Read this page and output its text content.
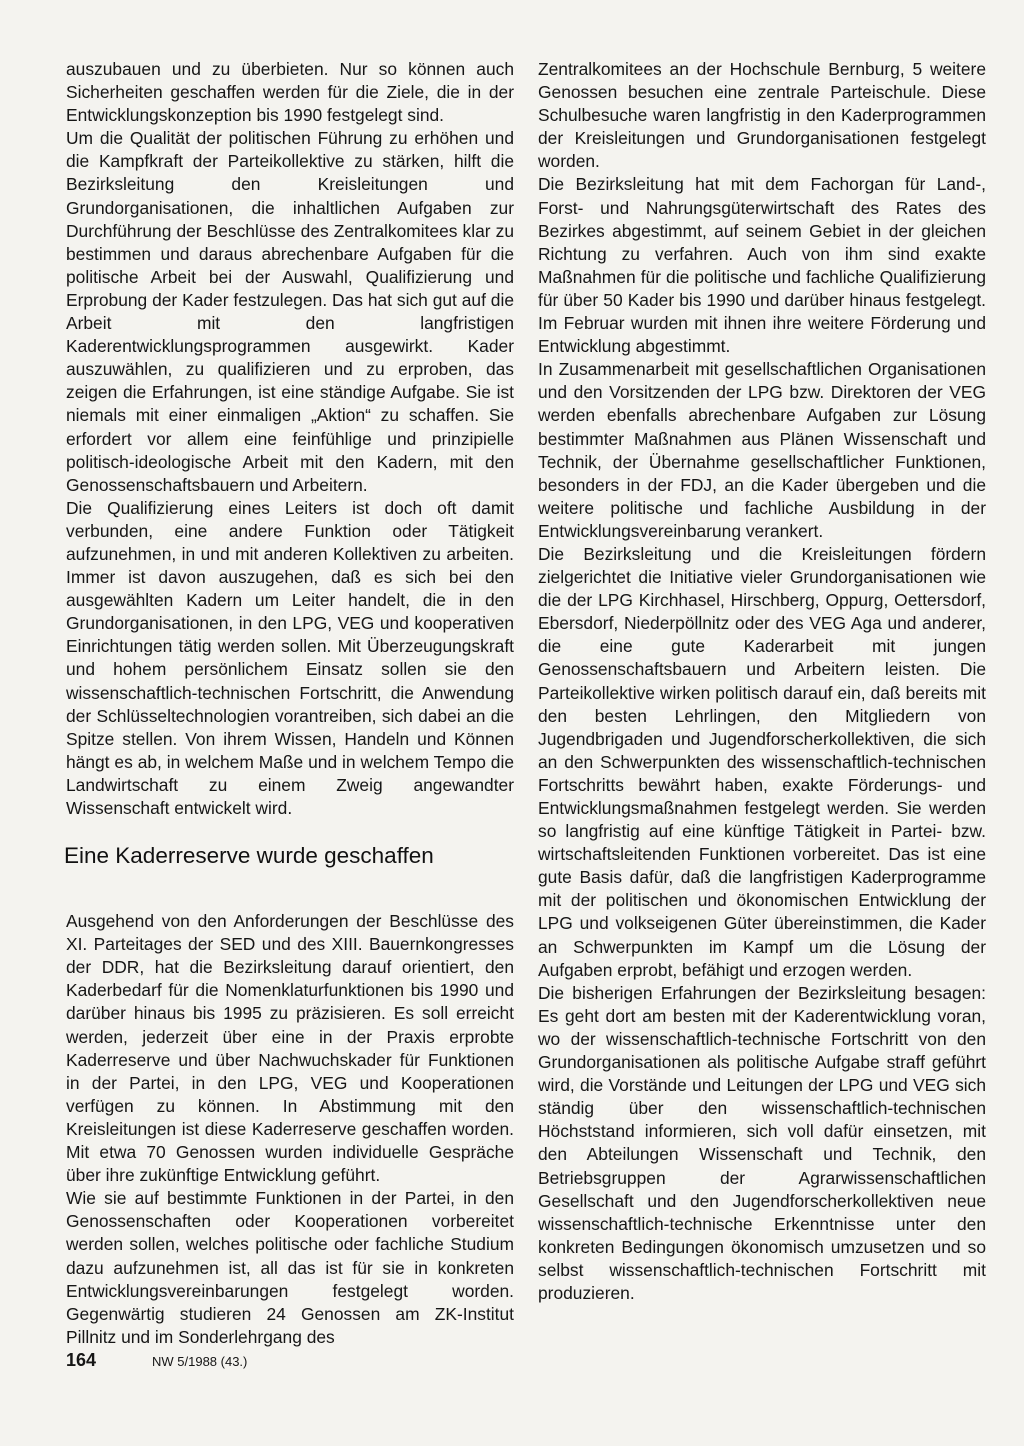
auszubauen und zu überbieten. Nur so können auch Sicherheiten geschaffen werden für die Ziele, die in der Entwicklungskonzeption bis 1990 festgelegt sind.

Um die Qualität der politischen Führung zu erhöhen und die Kampfkraft der Parteikollektive zu stärken, hilft die Bezirksleitung den Kreisleitungen und Grundorganisationen, die inhaltlichen Aufgaben zur Durchführung der Beschlüsse des Zentralkomitees klar zu bestimmen und daraus abrechenbare Aufgaben für die politische Arbeit bei der Auswahl, Qualifizierung und Erprobung der Kader festzulegen. Das hat sich gut auf die Arbeit mit den langfristigen Kaderentwicklungsprogrammen ausgewirkt. Kader auszuwählen, zu qualifizieren und zu erproben, das zeigen die Erfahrungen, ist eine ständige Aufgabe. Sie ist niemals mit einer einmaligen „Aktion“ zu schaffen. Sie erfordert vor allem eine feinfühlige und prinzipielle politisch-ideologische Arbeit mit den Kadern, mit den Genossenschaftsbauern und Arbeitern.

Die Qualifizierung eines Leiters ist doch oft damit verbunden, eine andere Funktion oder Tätigkeit aufzunehmen, in und mit anderen Kollektiven zu arbeiten. Immer ist davon auszugehen, daß es sich bei den ausgewählten Kadern um Leiter handelt, die in den Grundorganisationen, in den LPG, VEG und kooperativen Einrichtungen tätig werden sollen. Mit Überzeugungskraft und hohem persönlichem Einsatz sollen sie den wissenschaftlich-technischen Fortschritt, die Anwendung der Schlüsseltechnologien vorantreiben, sich dabei an die Spitze stellen. Von ihrem Wissen, Handeln und Können hängt es ab, in welchem Maße und in welchem Tempo die Landwirtschaft zu einem Zweig angewandter Wissenschaft entwickelt wird.

Eine Kaderreserve wurde geschaffen

Ausgehend von den Anforderungen der Beschlüsse des XI. Parteitages der SED und des XIII. Bauernkongresses der DDR, hat die Bezirksleitung darauf orientiert, den Kaderbedarf für die Nomenklaturfunktionen bis 1990 und darüber hinaus bis 1995 zu präzisieren. Es soll erreicht werden, jederzeit über eine in der Praxis erprobte Kaderreserve und über Nachwuchskader für Funktionen in der Partei, in den LPG, VEG und Kooperationen verfügen zu können. In Abstimmung mit den Kreisleitungen ist diese Kaderreserve geschaffen worden. Mit etwa 70 Genossen wurden individuelle Gespräche über ihre zukünftige Entwicklung geführt.

Wie sie auf bestimmte Funktionen in der Partei, in den Genossenschaften oder Kooperationen vorbereitet werden sollen, welches politische oder fachliche Studium dazu aufzunehmen ist, all das ist für sie in konkreten Entwicklungsvereinbarungen festgelegt worden. Gegenwärtig studieren 24 Genossen am ZK-Institut Pillnitz und im Sonderlehrgang des

Zentralkomitees an der Hochschule Bernburg, 5 weitere Genossen besuchen eine zentrale Parteischule. Diese Schulbesuche waren langfristig in den Kaderprogrammen der Kreisleitungen und Grundorganisationen festgelegt worden.

Die Bezirksleitung hat mit dem Fachorgan für Land-, Forst- und Nahrungsgüterwirtschaft des Rates des Bezirkes abgestimmt, auf seinem Gebiet in der gleichen Richtung zu verfahren. Auch von ihm sind exakte Maßnahmen für die politische und fachliche Qualifizierung für über 50 Kader bis 1990 und darüber hinaus festgelegt. Im Februar wurden mit ihnen ihre weitere Förderung und Entwicklung abgestimmt.

In Zusammenarbeit mit gesellschaftlichen Organisationen und den Vorsitzenden der LPG bzw. Direktoren der VEG werden ebenfalls abrechenbare Aufgaben zur Lösung bestimmter Maßnahmen aus Plänen Wissenschaft und Technik, der Übernahme gesellschaftlicher Funktionen, besonders in der FDJ, an die Kader übergeben und die weitere politische und fachliche Ausbildung in der Entwicklungsvereinbarung verankert.

Die Bezirksleitung und die Kreisleitungen fördern zielgerichtet die Initiative vieler Grundorganisationen wie die der LPG Kirchhasel, Hirschberg, Oppurg, Oettersdorf, Ebersdorf, Niederpöllnitz oder des VEG Aga und anderer, die eine gute Kaderarbeit mit jungen Genossenschaftsbauern und Arbeitern leisten. Die Parteikollektive wirken politisch darauf ein, daß bereits mit den besten Lehrlingen, den Mitgliedern von Jugendbrigaden und Jugendforscherkollektiven, die sich an den Schwerpunkten des wissenschaftlich-technischen Fortschritts bewährt haben, exakte Förderungs- und Entwicklungsmaßnahmen festgelegt werden. Sie werden so langfristig auf eine künftige Tätigkeit in Partei- bzw. wirtschaftsleitenden Funktionen vorbereitet. Das ist eine gute Basis dafür, daß die langfristigen Kaderprogramme mit der politischen und ökonomischen Entwicklung der LPG und volkseigenen Güter übereinstimmen, die Kader an Schwerpunkten im Kampf um die Lösung der Aufgaben erprobt, befähigt und erzogen werden.

Die bisherigen Erfahrungen der Bezirksleitung besagen: Es geht dort am besten mit der Kaderentwicklung voran, wo der wissenschaftlich-technische Fortschritt von den Grundorganisationen als politische Aufgabe straff geführt wird, die Vorstände und Leitungen der LPG und VEG sich ständig über den wissenschaftlich-technischen Höchststand informieren, sich voll dafür einsetzen, mit den Abteilungen Wissenschaft und Technik, den Betriebsgruppen der Agrarwissenschaftlichen Gesellschaft und den Jugendforscherkollektiven neue wissenschaftlich-technische Erkenntnisse unter den konkreten Bedingungen ökonomisch umzusetzen und so selbst wissenschaftlich-technischen Fortschritt mit produzieren.

164	NW 5/1988 (43.)
